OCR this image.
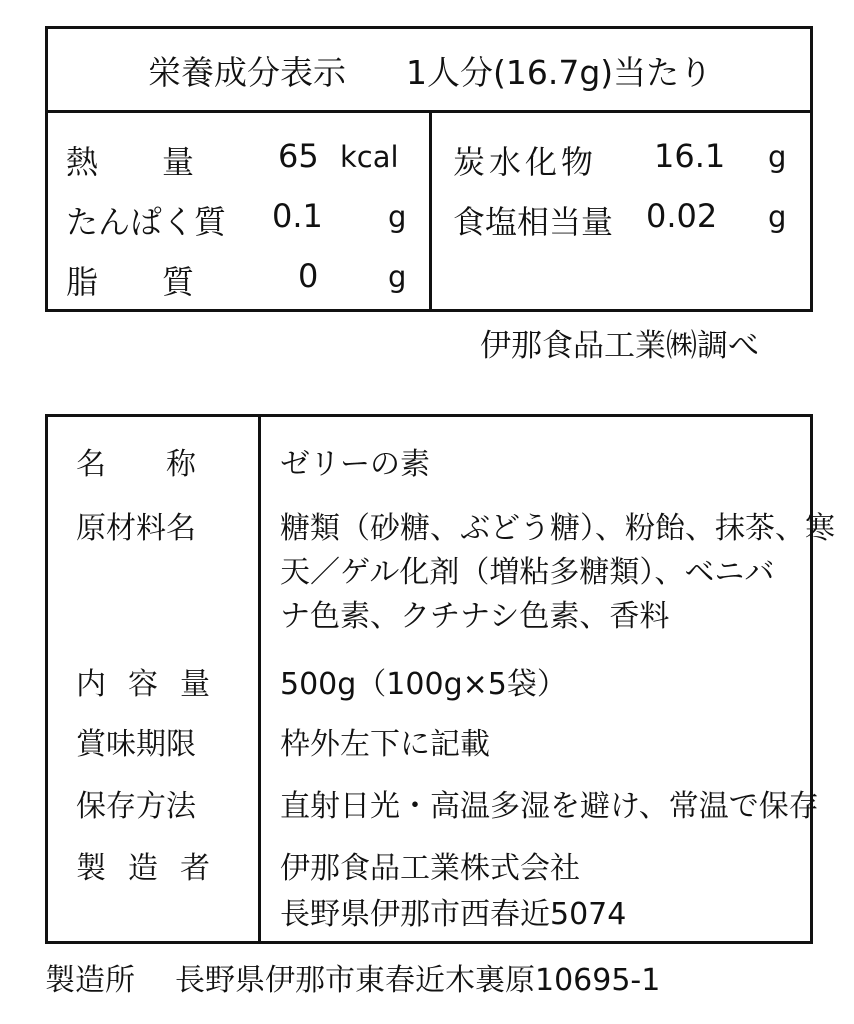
栄養成分表示 1人分(16.7g)当たり
熱　　量	65 kcal
たんぱく質 0.1 g
脂　　質	0 g
炭水化物 16.1 g
食塩相当量 0.02 g
伊那食品工業㈱調べ
名　　称	ゼリーの素
原材料名	糖類（砂糖、ぶどう糖）、粉飴、抹茶、寒
天／ゲル化剤（増粘多糖類）、ベニバ
ナ色素、クチナシ色素、香料
内容量 500g（100g×5袋）
賞味期限	枠外左下に記載
保存方法	直射日光・高温多湿を避け、常温で保存
製造者 伊那食品工業株式会社
長野県伊那市西春近5074
製造所 長野県伊那市東春近木裏原10695-1
